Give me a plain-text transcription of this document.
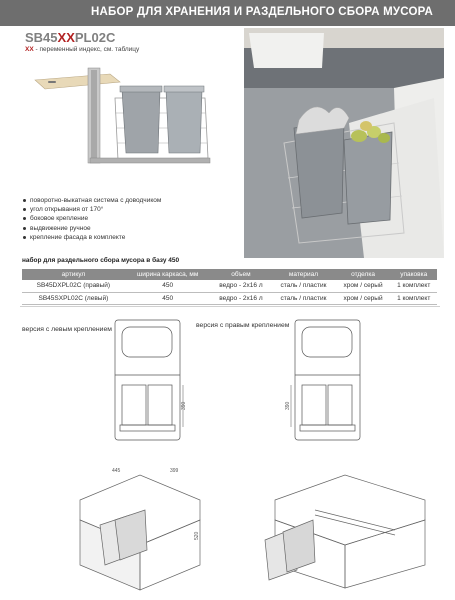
НАБОР ДЛЯ ХРАНЕНИЯ И РАЗДЕЛЬНОГО СБОРА МУСОРА
SB45XXPL02C
XX - переменный индекс, см. таблицу
поворотно-выкатная система с доводчиком
угол открывания от 170°
боковое крепление
выдвижение ручное
крепление фасада в комплекте
набор для раздельного сбора мусора в базу 450
артикул	ширина каркаса, мм	объем	материал	отделка	упаковка
SB45DXPL02C (правый)	450	ведро - 2х16 л	сталь / пластик	хром / серый	1 комплект
SB45SXPL02C (левый)	450	ведро - 2х16 л	сталь / пластик	хром / серый	1 комплект
версия с левым креплением
версия с правым креплением
390	390
445	399
520
